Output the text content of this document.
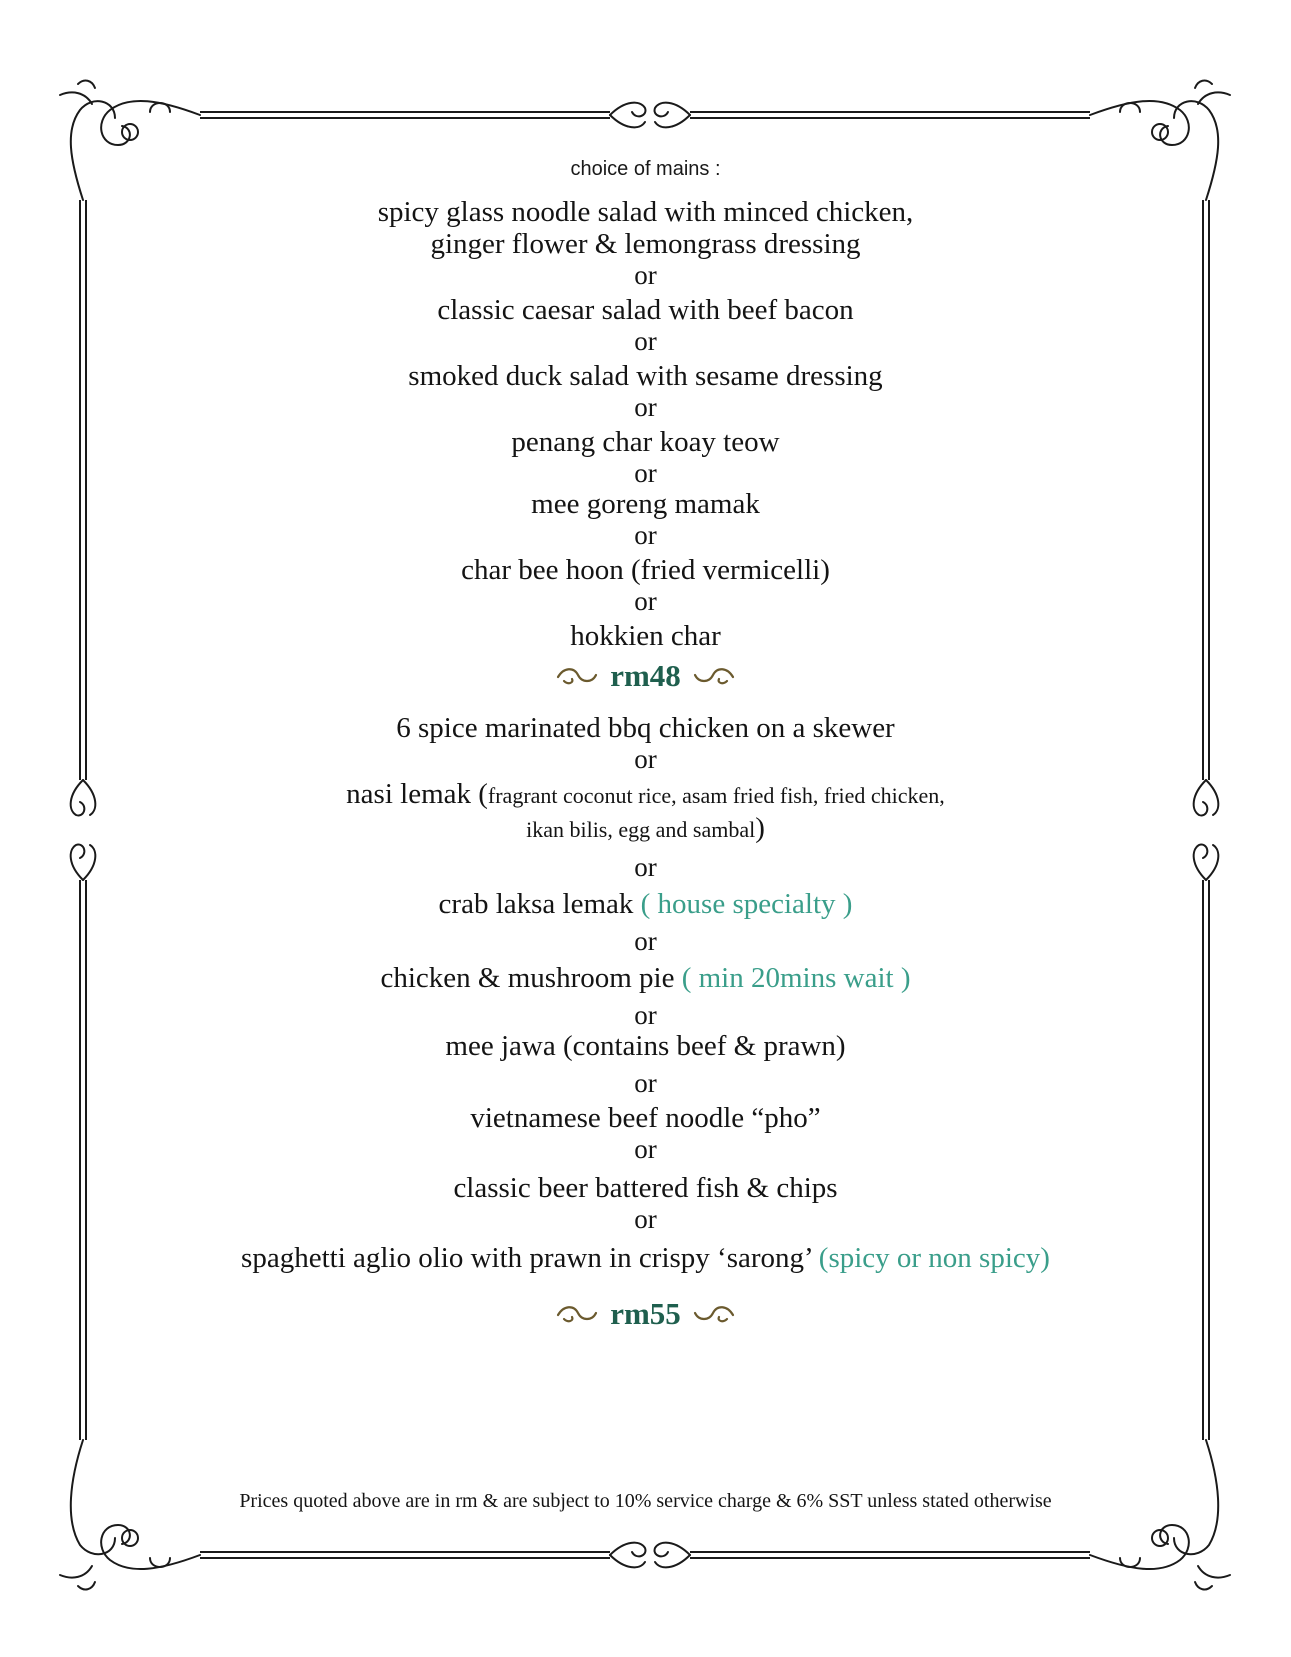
choice of mains :
spicy glass noodle salad with minced chicken,
ginger flower & lemongrass dressing
or
classic caesar salad with beef bacon
or
smoked duck salad with sesame dressing
or
penang char koay teow
or
mee goreng mamak
or
char bee hoon (fried vermicelli)
or
hokkien char
rm48
6 spice marinated bbq chicken on a skewer
or
nasi lemak (fragrant coconut rice, asam fried fish, fried chicken,
ikan bilis, egg and sambal)
or
crab laksa lemak ( house specialty )
or
chicken & mushroom pie ( min 20mins wait )
or
mee jawa (contains beef & prawn)
or
vietnamese beef noodle “pho”
or
classic beer battered fish & chips
or
spaghetti aglio olio with prawn in crispy ‘sarong’ (spicy or non spicy)
rm55
Prices quoted above are in rm & are subject to 10% service charge & 6% SST unless stated otherwise
